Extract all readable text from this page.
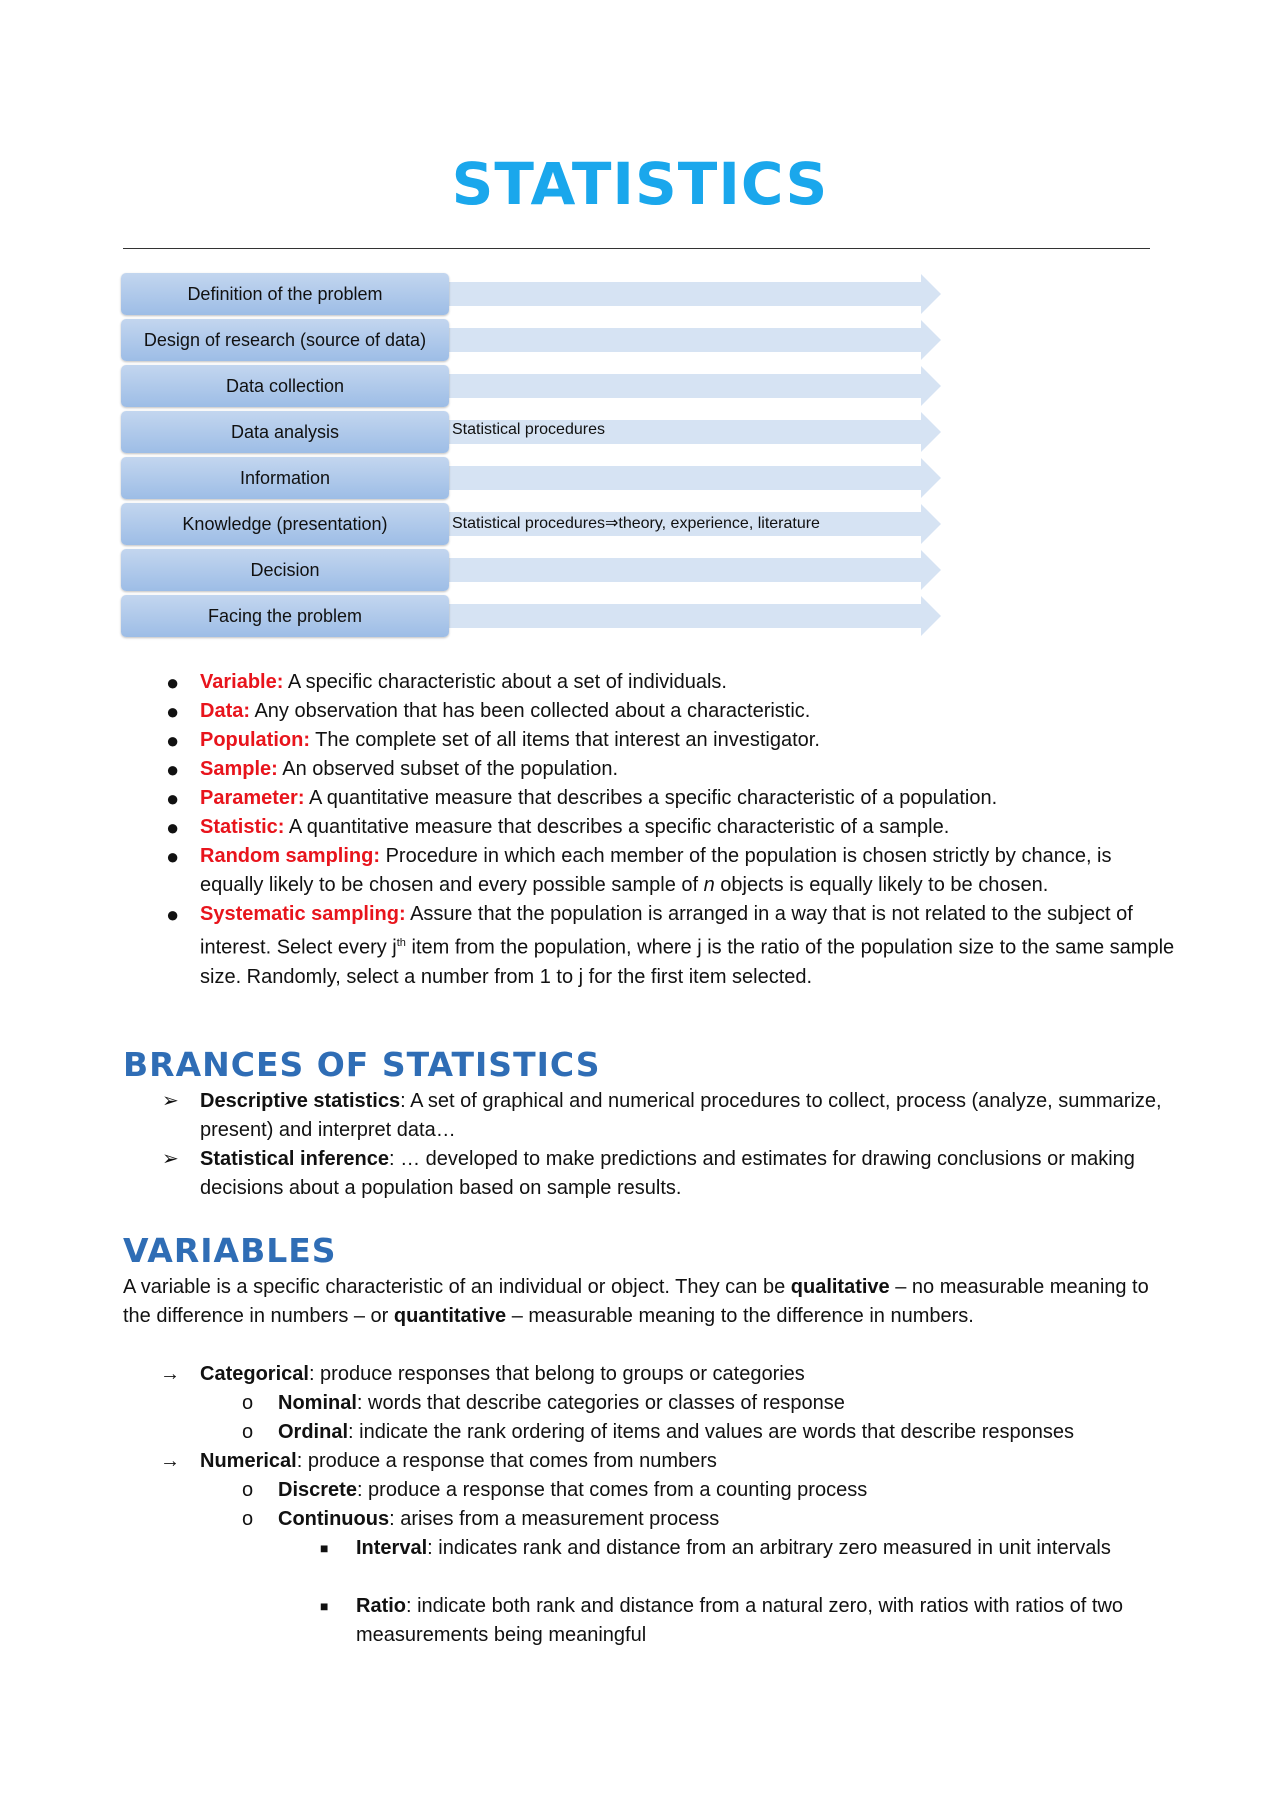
STATISTICS
Definition of the problem
Design of research (source of data)
Data collection
Statistical procedures
Data analysis
Information
Statistical procedures⇒theory, experience, literature
Knowledge (presentation)
Decision
Facing the problem
● Variable: A specific characteristic about a set of individuals.
● Data: Any observation that has been collected about a characteristic.
● Population: The complete set of all items that interest an investigator.
● Sample: An observed subset of the population.
● Parameter: A quantitative measure that describes a specific characteristic of a population.
● Statistic: A quantitative measure that describes a specific characteristic of a sample.
● Random sampling: Procedure in which each member of the population is chosen strictly by chance, is equally likely to be chosen and every possible sample of n objects is equally likely to be chosen.
● Systematic sampling: Assure that the population is arranged in a way that is not related to the subject of interest. Select every $j^{th}$ item from the population, where j is the ratio of the population size to the same sample size. Randomly, select a number from 1 to j for the first item selected.
BRANCES OF STATISTICS
➢ Descriptive statistics: A set of graphical and numerical procedures to collect, process (analyze, summarize, present) and interpret data…
➢ Statistical inference: … developed to make predictions and estimates for drawing conclusions or making decisions about a population based on sample results.
VARIABLES

A variable is a specific characteristic of an individual or object. They can be qualitative – no measurable meaning to the difference in numbers – or quantitative – measurable meaning to the difference in numbers.

→ Categorical: produce responses that belong to groups or categories
o Nominal: words that describe categories or classes of response
o Ordinal: indicate the rank ordering of items and values are words that describe responses
→ Numerical: produce a response that comes from numbers
o Discrete: produce a response that comes from a counting process
o Continuous: arises from a measurement process
■ Interval: indicates rank and distance from an arbitrary zero measured in unit intervals
■ Ratio: indicate both rank and distance from a natural zero, with ratios with ratios of two measurements being meaningful
